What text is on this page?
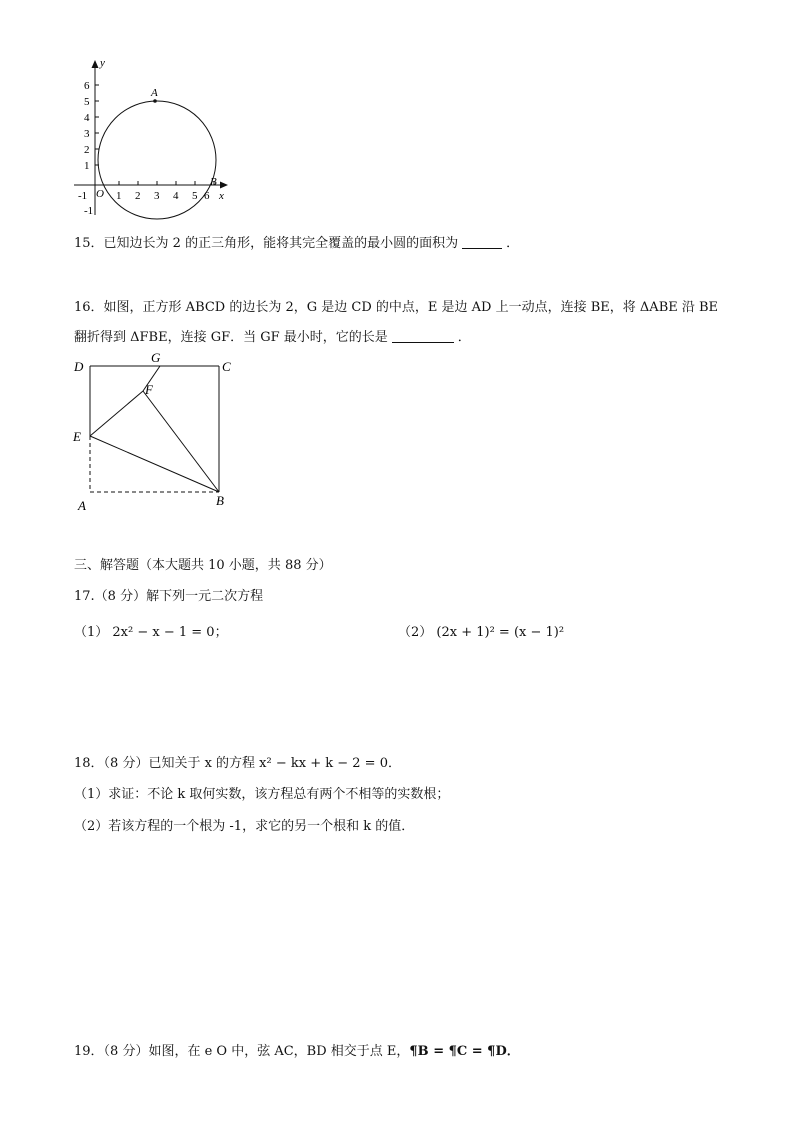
A
B
y
x
O
6
5
4
3
2
1
-1
-1	1 2 3 4 5 6
15．已知边长为 2 的正三角形，能将其完全覆盖的最小圆的面积为	．
16．如图，正方形 ABCD 的边长为 2，G 是边 CD 的中点，E 是边 AD 上一动点，连接 BE，将 ΔABE 沿 BE
翻折得到 ΔFBE，连接 GF．当 GF 最小时，它的长是	．
D
G
C
F
E
A	B
三、解答题（本大题共 10 小题，共 88 分）
17.（8 分）解下列一元二次方程
（1） 2x² − x − 1 = 0；	（2） (2x + 1)² = (x − 1)²
18．（8 分）已知关于 x 的方程 x² − kx + k − 2 = 0．
（1）求证：不论 k 取何实数，该方程总有两个不相等的实数根；
（2）若该方程的一个根为 -1，求它的另一个根和 k 的值．
19．（8 分）如图，在 e O 中，弦 AC，BD 相交于点 E，¶B = ¶C = ¶D．
